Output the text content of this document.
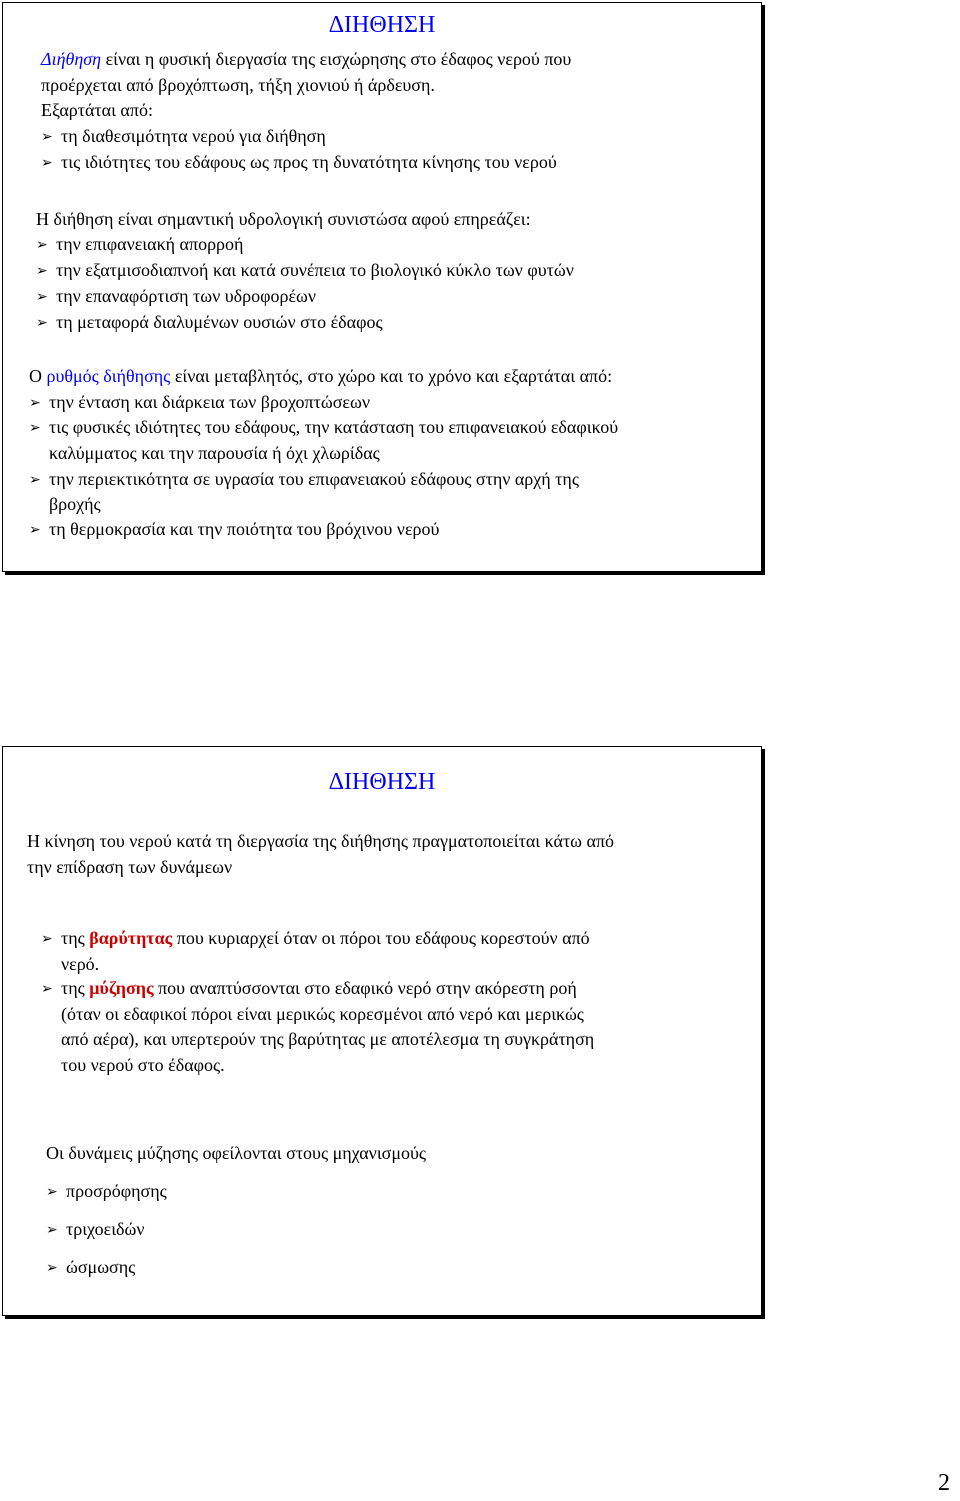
ΔΙΗΘΗΣΗ
Διήθηση είναι η φυσική διεργασία της εισχώρησης στο έδαφος νερού που
προέρχεται από βροχόπτωση, τήξη χιονιού ή άρδευση.
Εξαρτάται από:
➢ τη διαθεσιμότητα νερού για διήθηση
➢ τις ιδιότητες του εδάφους ως προς τη δυνατότητα κίνησης του νερού
Η διήθηση είναι σημαντική υδρολογική συνιστώσα αφού επηρεάζει:
➢ την επιφανειακή απορροή
➢ την εξατμισοδιαπνοή και κατά συνέπεια το βιολογικό κύκλο των φυτών
➢ την επαναφόρτιση των υδροφορέων
➢ τη μεταφορά διαλυμένων ουσιών στο έδαφος
Ο ρυθμός διήθησης είναι μεταβλητός, στο χώρο και το χρόνο και εξαρτάται από:
➢ την ένταση και διάρκεια των βροχοπτώσεων
➢ τις φυσικές ιδιότητες του εδάφους, την κατάσταση του επιφανειακού εδαφικού
καλύμματος και την παρουσία ή όχι χλωρίδας
➢ την περιεκτικότητα σε υγρασία του επιφανειακού εδάφους στην αρχή της
βροχής
➢ τη θερμοκρασία και την ποιότητα του βρόχινου νερού
ΔΙΗΘΗΣΗ
Η κίνηση του νερού κατά τη διεργασία της διήθησης πραγματοποιείται κάτω από
την επίδραση των δυνάμεων
➢ της βαρύτητας που κυριαρχεί όταν οι πόροι του εδάφους κορεστούν από
νερό.
➢ της μύζησης που αναπτύσσονται στο εδαφικό νερό στην ακόρεστη ροή
(όταν οι εδαφικοί πόροι είναι μερικώς κορεσμένοι από νερό και μερικώς
από αέρα), και υπερτερούν της βαρύτητας με αποτέλεσμα τη συγκράτηση
του νερού στο έδαφος.
Οι δυνάμεις μύζησης οφείλονται στους μηχανισμούς
➢ προσρόφησης
➢ τριχοειδών
➢ ώσμωσης
2
